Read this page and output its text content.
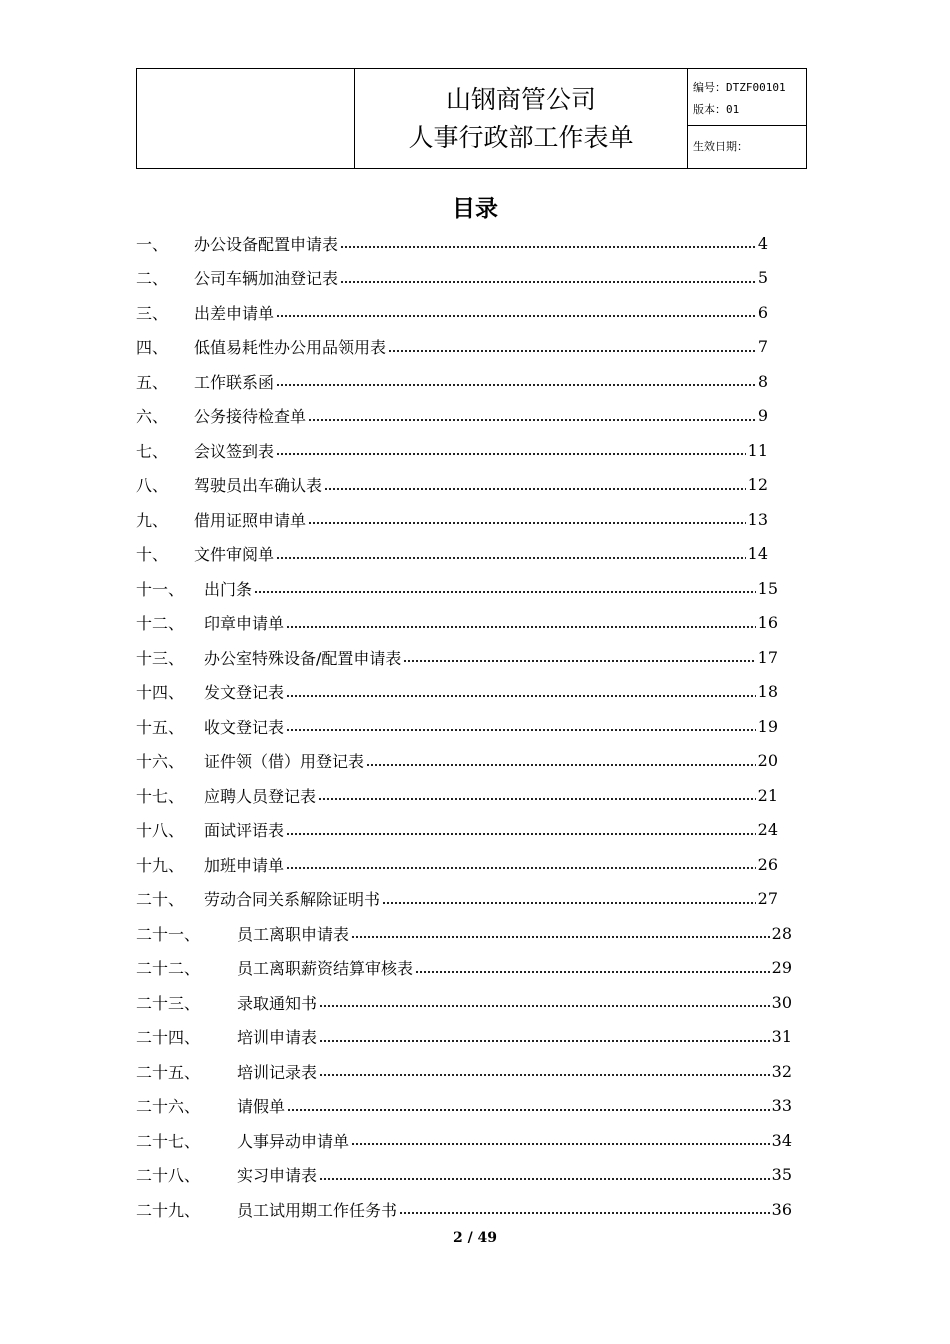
山钢商管公司
人事行政部工作表单
编号：DTZF00101
版本：01
生效日期：
目录
一、	办公设备配置申请表	4
二、	公司车辆加油登记表	5
三、	出差申请单	6
四、	低值易耗性办公用品领用表	7
五、	工作联系函	8
六、	公务接待检查单	9
七、	会议签到表	11
八、	驾驶员出车确认表	12
九、	借用证照申请单	13
十、	文件审阅单	14
十一、	出门条	15
十二、	印章申请单	16
十三、	办公室特殊设备/配置申请表	17
十四、	发文登记表	18
十五、	收文登记表	19
十六、	证件领（借）用登记表	20
十七、	应聘人员登记表	21
十八、	面试评语表	24
十九、	加班申请单	26
二十、	劳动合同关系解除证明书	27
二十一、	员工离职申请表	28
二十二、	员工离职薪资结算审核表	29
二十三、	录取通知书	30
二十四、	培训申请表	31
二十五、	培训记录表	32
二十六、	请假单	33
二十七、	人事异动申请单	34
二十八、	实习申请表	35
二十九、	员工试用期工作任务书	36
2 / 49
